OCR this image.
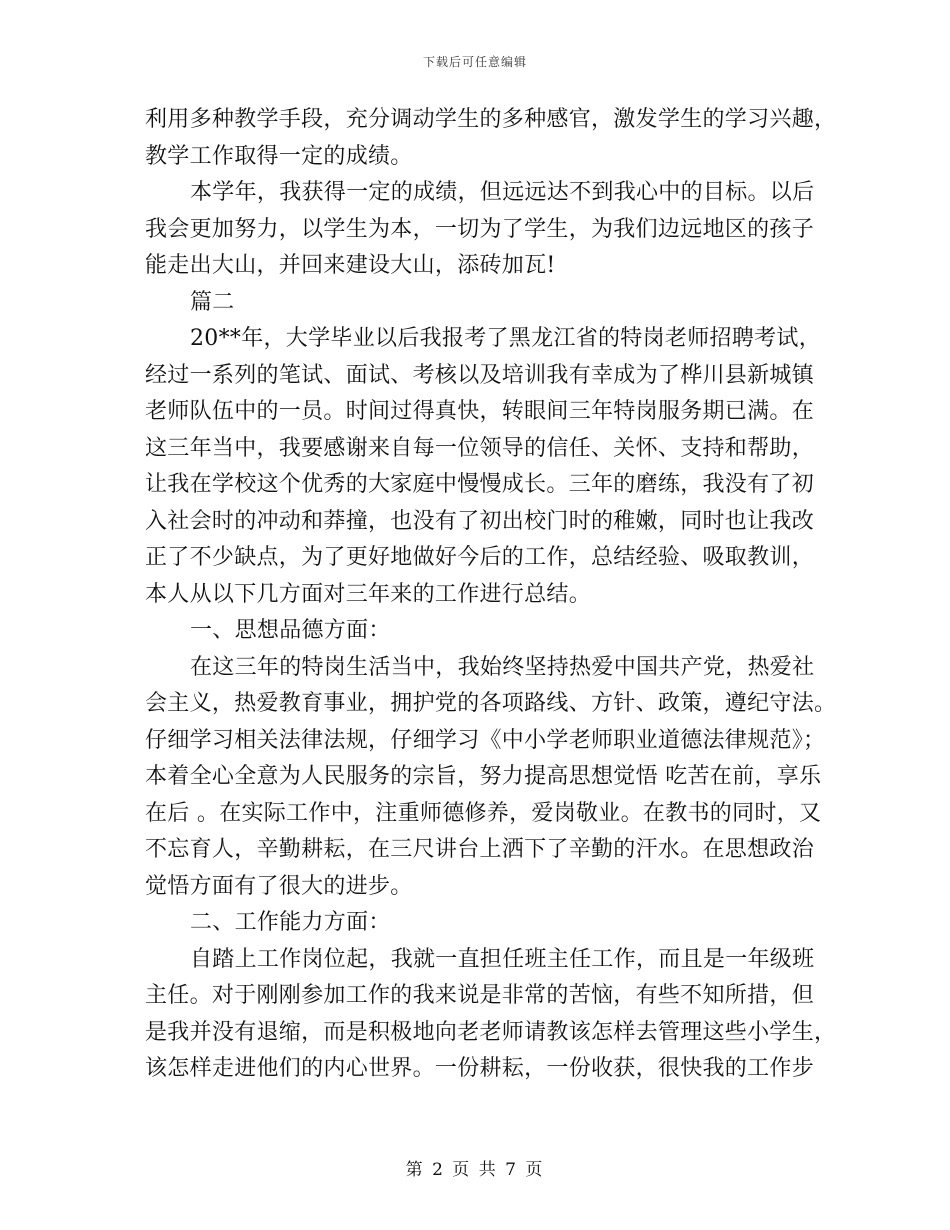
下载后可任意编辑
利用多种教学手段，充分调动学生的多种感官，激发学生的学习兴趣，
教学工作取得一定的成绩。
本学年，我获得一定的成绩，但远远达不到我心中的目标。以后
我会更加努力，以学生为本，一切为了学生，为我们边远地区的孩子
能走出大山，并回来建设大山，添砖加瓦!
篇二
20**年，大学毕业以后我报考了黑龙江省的特岗老师招聘考试，
经过一系列的笔试、面试、考核以及培训我有幸成为了桦川县新城镇
老师队伍中的一员。时间过得真快，转眼间三年特岗服务期已满。在
这三年当中，我要感谢来自每一位领导的信任、关怀、支持和帮助，
让我在学校这个优秀的大家庭中慢慢成长。三年的磨练，我没有了初
入社会时的冲动和莽撞，也没有了初出校门时的稚嫩，同时也让我改
正了不少缺点，为了更好地做好今后的工作，总结经验、吸取教训，
本人从以下几方面对三年来的工作进行总结。
一、思想品德方面：
在这三年的特岗生活当中，我始终坚持热爱中国共产党，热爱社
会主义，热爱教育事业，拥护党的各项路线、方针、政策，遵纪守法。
仔细学习相关法律法规，仔细学习《中小学老师职业道德法律规范》；
本着全心全意为人民服务的宗旨，努力提高思想觉悟 吃苦在前，享乐
在后 。在实际工作中，注重师德修养，爱岗敬业。在教书的同时，又
不忘育人，辛勤耕耘，在三尺讲台上洒下了辛勤的汗水。在思想政治
觉悟方面有了很大的进步。
二、工作能力方面：
自踏上工作岗位起，我就一直担任班主任工作，而且是一年级班
主任。对于刚刚参加工作的我来说是非常的苦恼，有些不知所措，但
是我并没有退缩，而是积极地向老老师请教该怎样去管理这些小学生，
该怎样走进他们的内心世界。一份耕耘，一份收获，很快我的工作步
第 2 页 共 7 页
